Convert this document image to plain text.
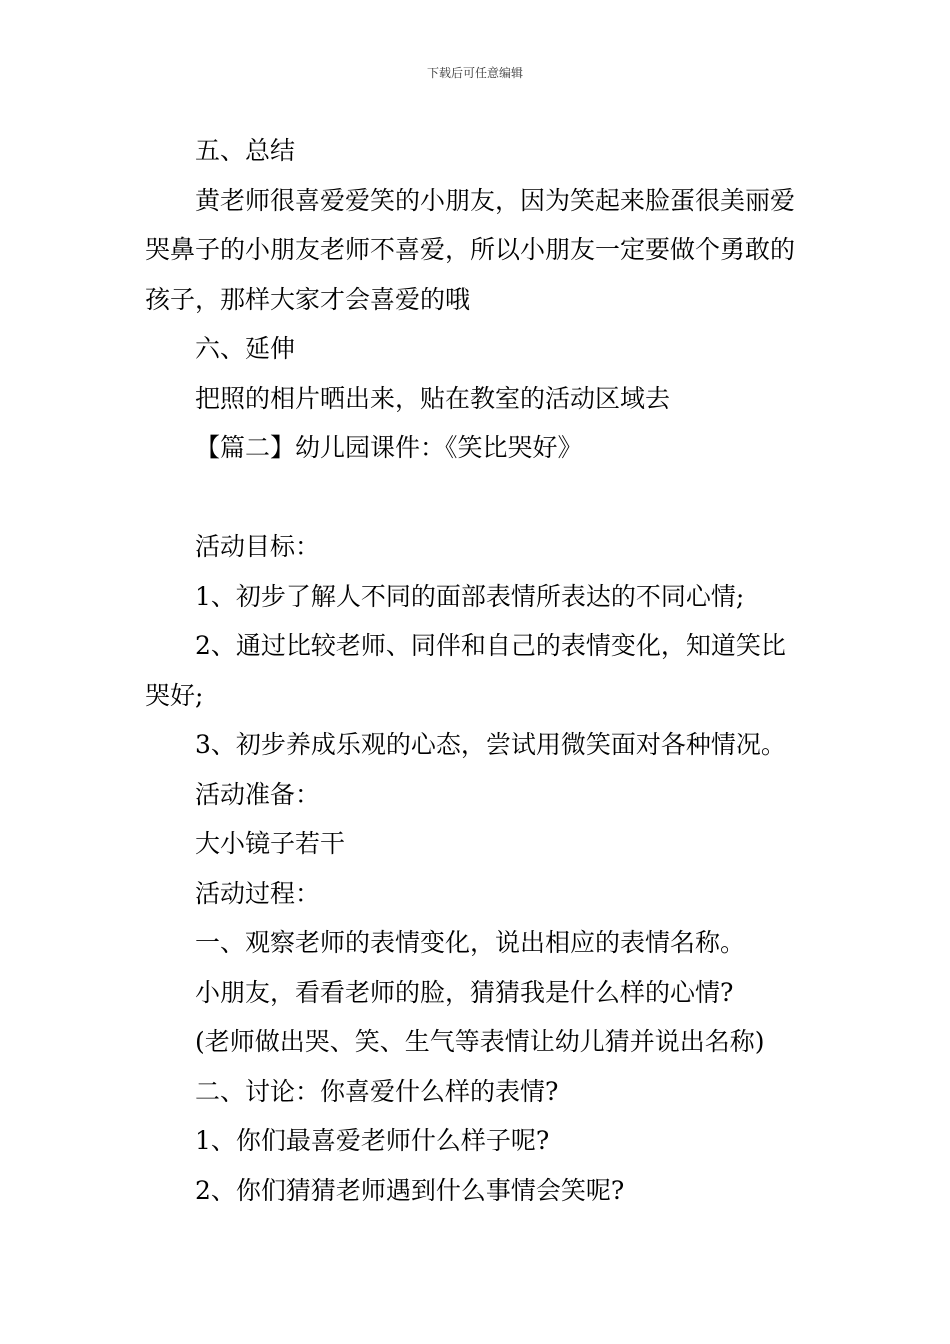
下载后可任意编辑

五、总结

黄老师很喜爱爱笑的小朋友，因为笑起来脸蛋很美丽爱哭鼻子的小朋友老师不喜爱，所以小朋友一定要做个勇敢的孩子，那样大家才会喜爱的哦

六、延伸

把照的相片晒出来，贴在教室的活动区域去

【篇二】幼儿园课件：《笑比哭好》

活动目标：

1、初步了解人不同的面部表情所表达的不同心情;

2、通过比较老师、同伴和自己的表情变化，知道笑比哭好;

3、初步养成乐观的心态，尝试用微笑面对各种情况。

活动准备：

大小镜子若干

活动过程：

一、观察老师的表情变化，说出相应的表情名称。

小朋友，看看老师的脸，猜猜我是什么样的心情?

(老师做出哭、笑、生气等表情让幼儿猜并说出名称)

二、讨论：你喜爱什么样的表情?

1、你们最喜爱老师什么样子呢?

2、你们猜猜老师遇到什么事情会笑呢?
